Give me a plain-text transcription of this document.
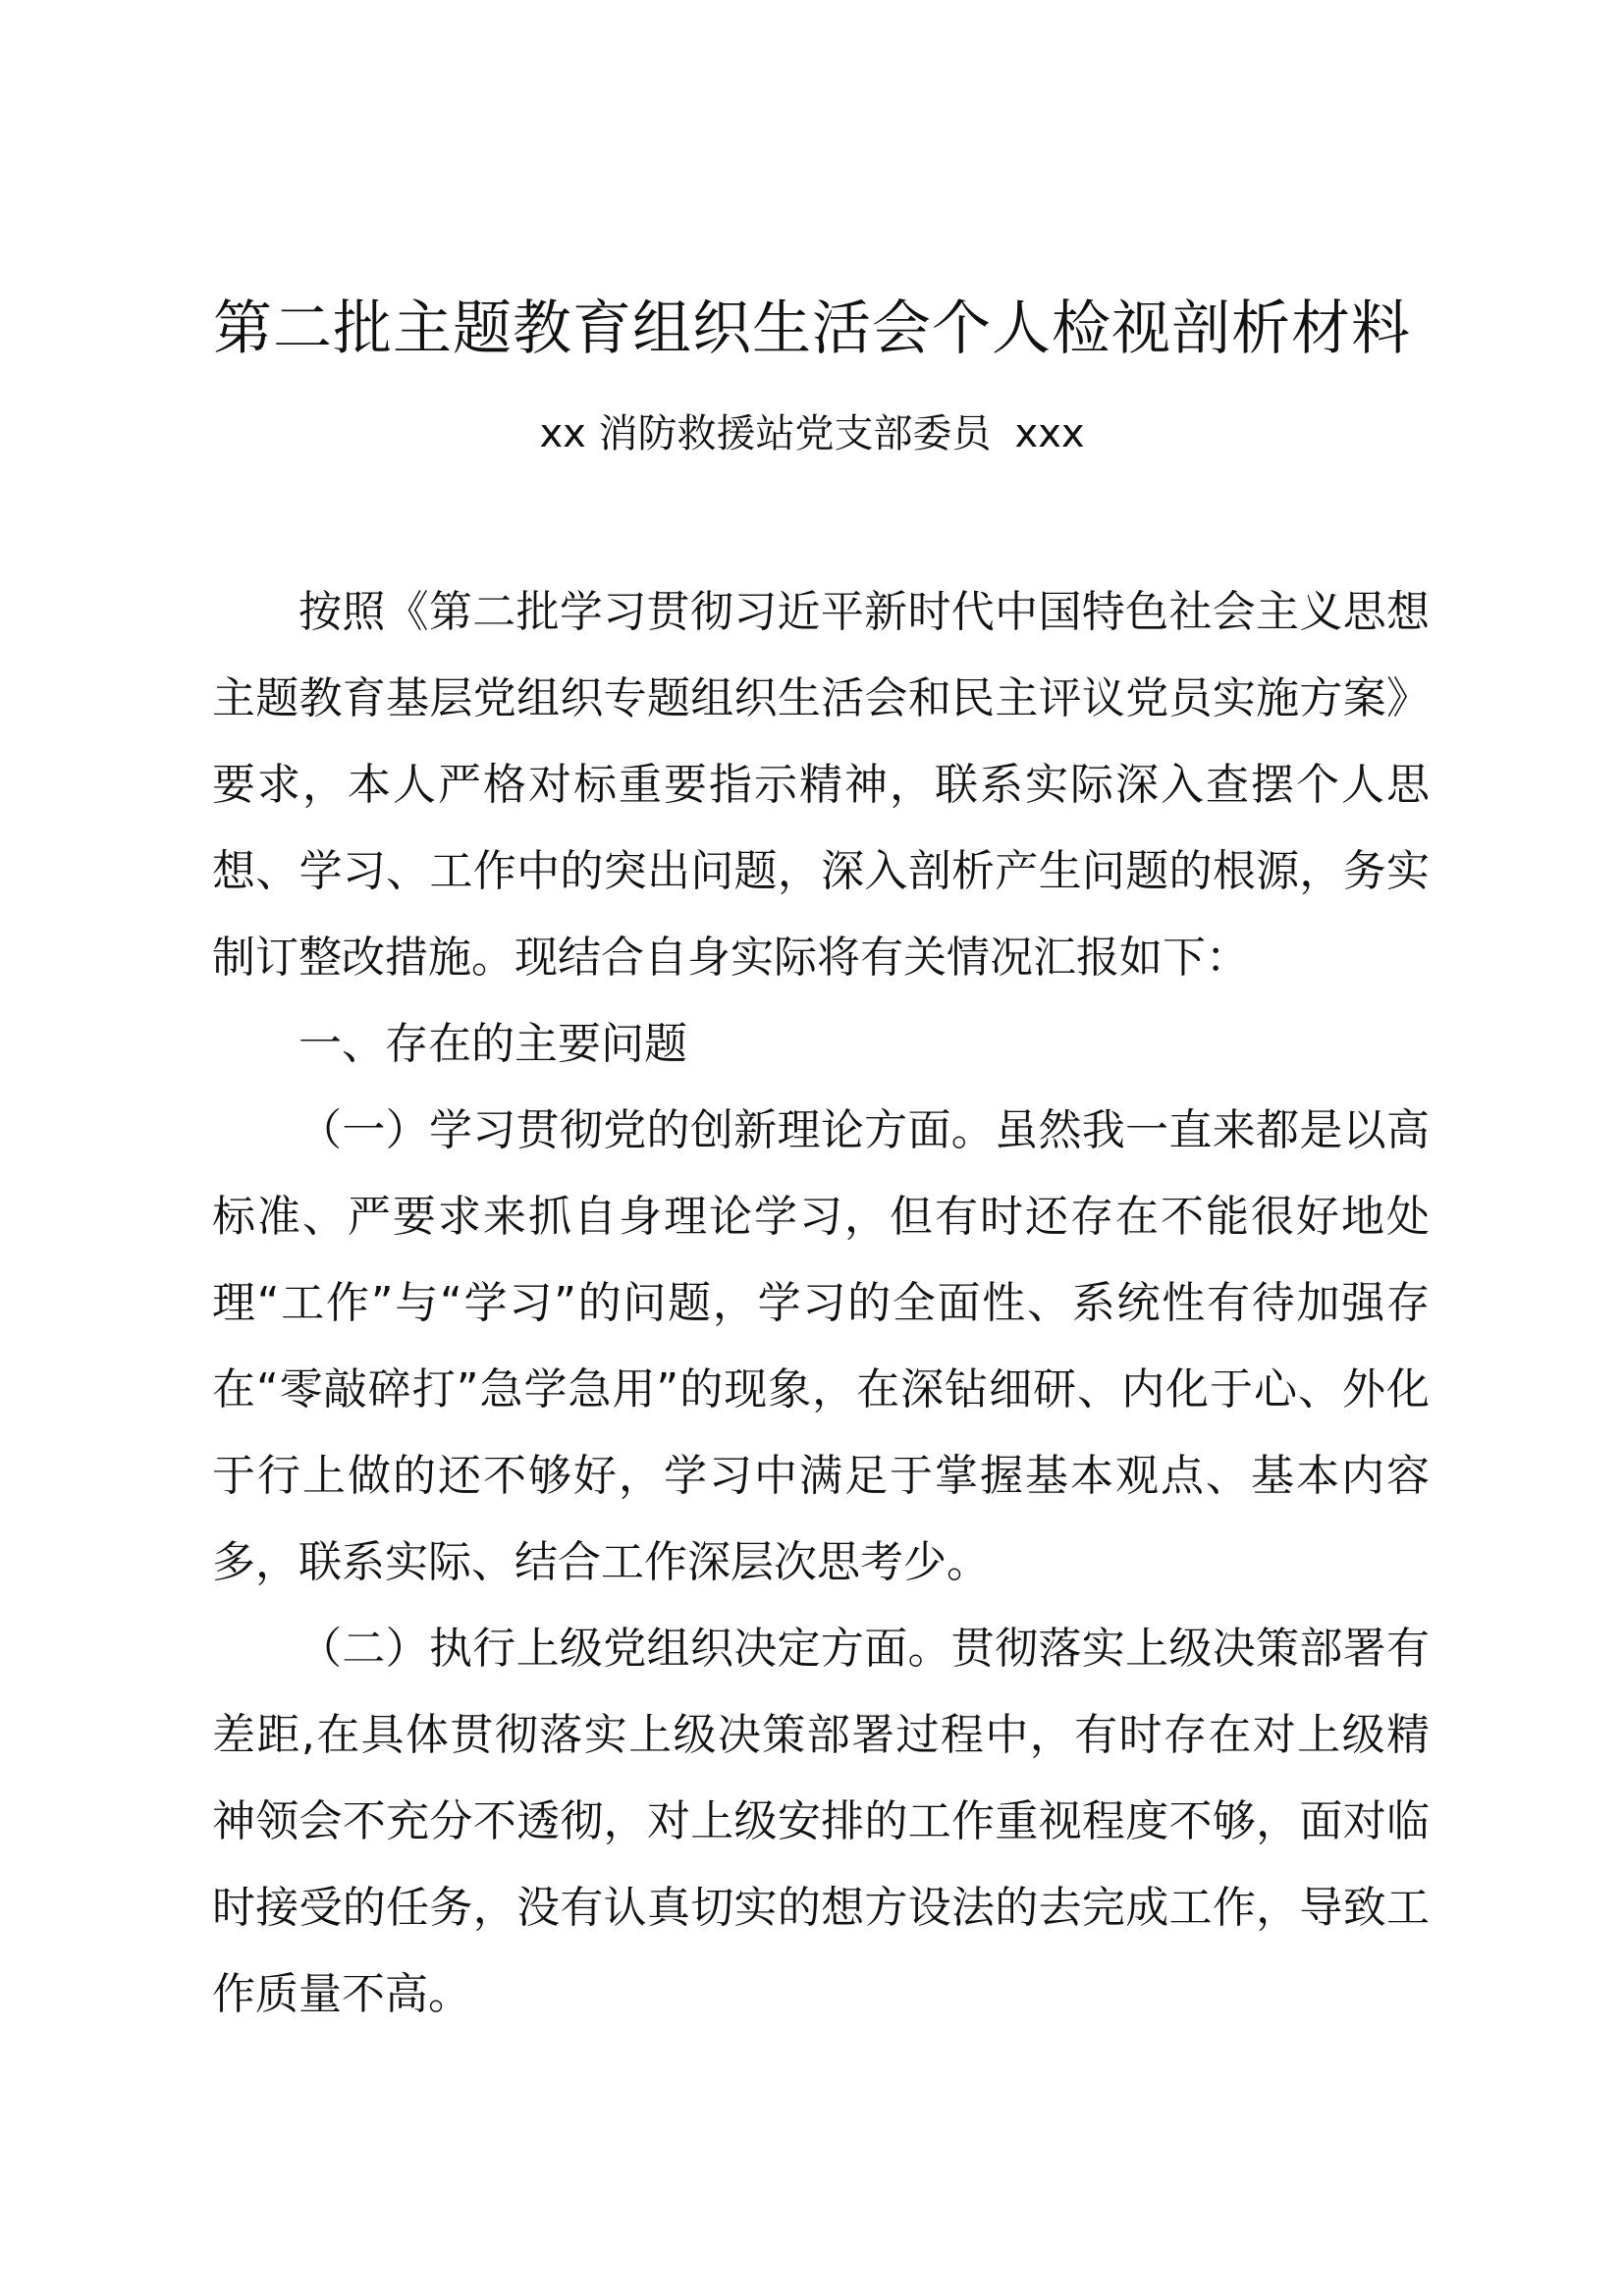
第二批主题教育组织生活会个人检视剖析材料
xx 消防救援站党支部委员 xxx

按照《第二批学习贯彻习近平新时代中国特色社会主义思想主题教育基层党组织专题组织生活会和民主评议党员实施方案》要求，本人严格对标重要指示精神，联系实际深入查摆个人思想、学习、工作中的突出问题，深入剖析产生问题的根源，务实制订整改措施。现结合自身实际将有关情况汇报如下：

一、存在的主要问题

（一）学习贯彻党的创新理论方面。虽然我一直来都是以高标准、严要求来抓自身理论学习，但有时还存在不能很好地处理“工作”与“学习”的问题，学习的全面性、系统性有待加强存在“零敲碎打”急学急用”的现象，在深钻细研、内化于心、外化于行上做的还不够好，学习中满足于掌握基本观点、基本内容多，联系实际、结合工作深层次思考少。

（二）执行上级党组织决定方面。贯彻落实上级决策部署有差距,在具体贯彻落实上级决策部署过程中，有时存在对上级精神领会不充分不透彻，对上级安排的工作重视程度不够，面对临时接受的任务，没有认真切实的想方设法的去完成工作，导致工作质量不高。
